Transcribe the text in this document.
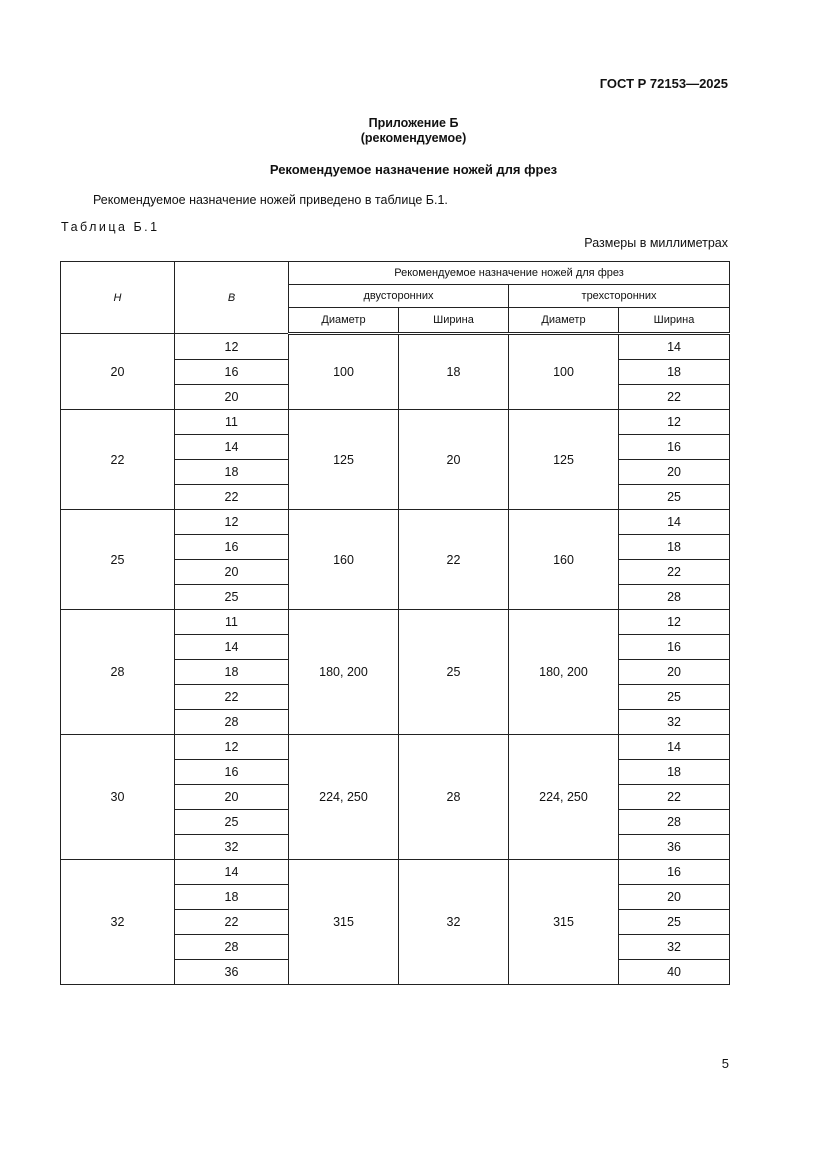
ГОСТ Р 72153—2025
Приложение Б
(рекомендуемое)
Рекомендуемое назначение ножей для фрез
Рекомендуемое назначение ножей приведено в таблице Б.1.
Таблица Б.1
Размеры в миллиметрах
H	B	Рекомендуемое назначение ножей для фрез			
		двусторонних		трехсторонних	
		Диаметр	Ширина	Диаметр	Ширина
20	12	100	18	100	14
	16				18
	20				22
22	11	125	20	125	12
	14				16
	18				20
	22				25
25	12	160	22	160	14
	16				18
	20				22
	25				28
28	11	180, 200	25	180, 200	12
	14				16
	18				20
	22				25
	28				32
30	12	224, 250	28	224, 250	14
	16				18
	20				22
	25				28
	32				36
32	14	315	32	315	16
	18				20
	22				25
	28				32
	36				40
5
